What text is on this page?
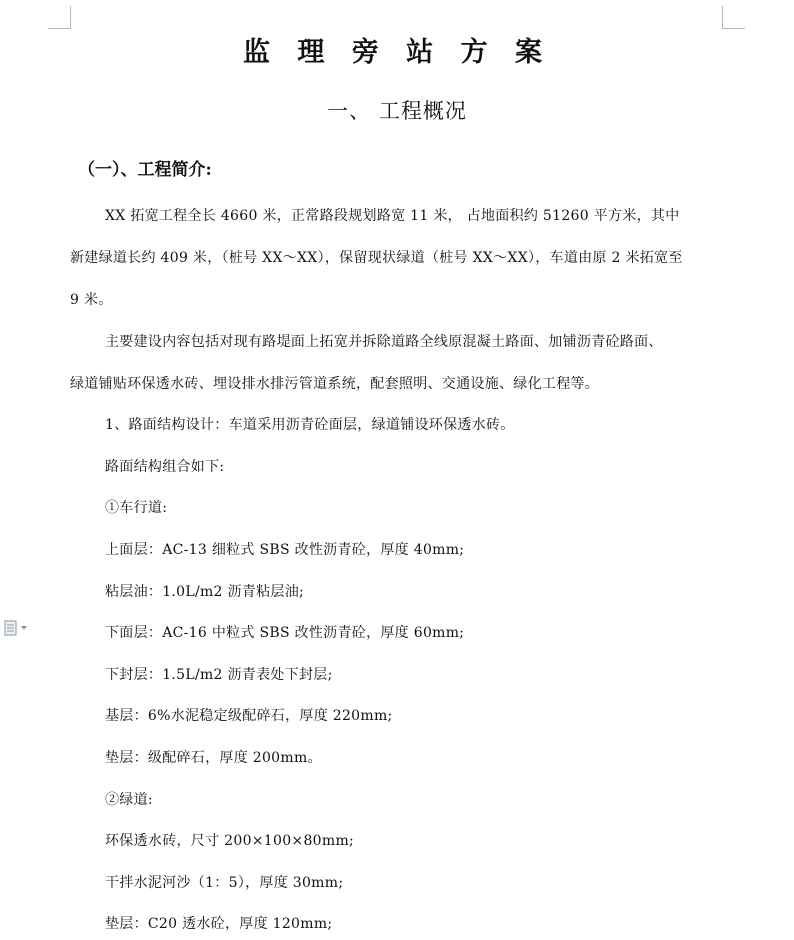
监 理 旁 站 方 案
一、 工程概况
（一）、工程简介:
XX 拓宽工程全长 4660 米，正常路段规划路宽 11 米， 占地面积约 51260 平方米，其中
新建绿道长约 409 米，（桩号 XX～XX），保留现状绿道（桩号 XX～XX），车道由原 2 米拓宽至
9 米。
主要建设内容包括对现有路堤面上拓宽并拆除道路全线原混凝土路面、加铺沥青砼路面、
绿道铺贴环保透水砖、埋设排水排污管道系统，配套照明、交通设施、绿化工程等。
1、路面结构设计：车道采用沥青砼面层，绿道铺设环保透水砖。
路面结构组合如下:
①车行道:
上面层：AC-13 细粒式 SBS 改性沥青砼，厚度 40mm;
粘层油：1.0L/m2 沥青粘层油;
下面层：AC-16 中粒式 SBS 改性沥青砼，厚度 60mm;
下封层：1.5L/m2 沥青表处下封层;
基层：6%水泥稳定级配碎石，厚度 220mm;
垫层：级配碎石，厚度 200mm。
②绿道:
环保透水砖，尺寸 200×100×80mm;
干拌水泥河沙（1：5），厚度 30mm;
垫层：C20 透水砼，厚度 120mm;
